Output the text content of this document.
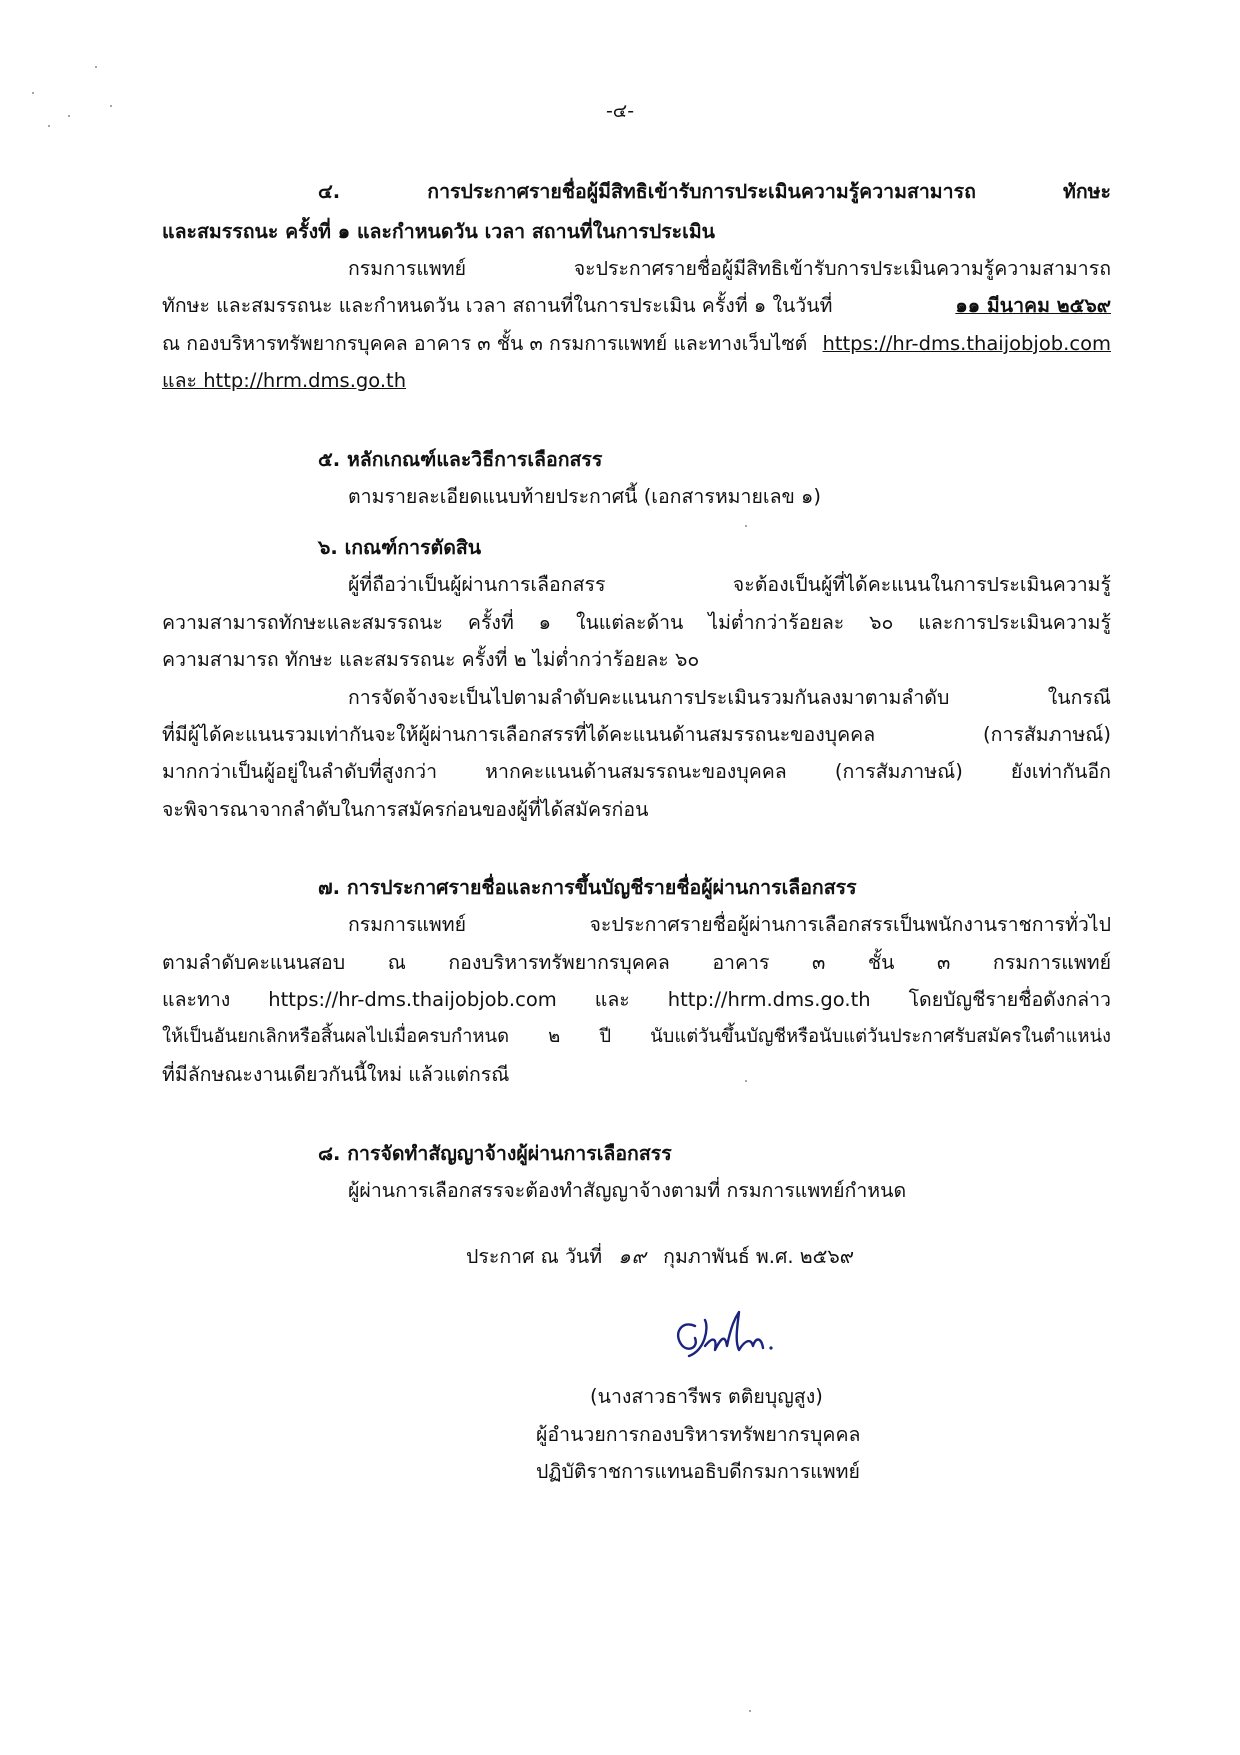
-๔-
๔. การประกาศรายชื่อผู้มีสิทธิเข้ารับการประเมินความรู้ความสามารถ ทักษะ
และสมรรถนะ ครั้งที่ ๑ และกำหนดวัน เวลา สถานที่ในการประเมิน
กรมการแพทย์ จะประกาศรายชื่อผู้มีสิทธิเข้ารับการประเมินความรู้ความสามารถ
ทักษะ และสมรรถนะ และกำหนดวัน เวลา สถานที่ในการประเมิน ครั้งที่ ๑ ในวันที่	๑๑ มีนาคม ๒๕๖๙
ณ กองบริหารทรัพยากรบุคคล อาคาร ๓ ชั้น ๓ กรมการแพทย์ และทางเว็บไซต์ https://hr-dms.thaijobjob.com
และ http://hrm.dms.go.th
๕. หลักเกณฑ์และวิธีการเลือกสรร
ตามรายละเอียดแนบท้ายประกาศนี้ (เอกสารหมายเลข ๑)
๖. เกณฑ์การตัดสิน
ผู้ที่ถือว่าเป็นผู้ผ่านการเลือกสรร จะต้องเป็นผู้ที่ได้คะแนนในการประเมินความรู้
ความสามารถทักษะและสมรรถนะ ครั้งที่ ๑ ในแต่ละด้าน ไม่ต่ำกว่าร้อยละ ๖๐ และการประเมินความรู้
ความสามารถ ทักษะ และสมรรถนะ ครั้งที่ ๒ ไม่ต่ำกว่าร้อยละ ๖๐
การจัดจ้างจะเป็นไปตามลำดับคะแนนการประเมินรวมกันลงมาตามลำดับ ในกรณี
ที่มีผู้ได้คะแนนรวมเท่ากันจะให้ผู้ผ่านการเลือกสรรที่ได้คะแนนด้านสมรรถนะของบุคคล (การสัมภาษณ์)
มากกว่าเป็นผู้อยู่ในลำดับที่สูงกว่า หากคะแนนด้านสมรรถนะของบุคคล (การสัมภาษณ์) ยังเท่ากันอีก
จะพิจารณาจากลำดับในการสมัครก่อนของผู้ที่ได้สมัครก่อน
๗. การประกาศรายชื่อและการขึ้นบัญชีรายชื่อผู้ผ่านการเลือกสรร
กรมการแพทย์ จะประกาศรายชื่อผู้ผ่านการเลือกสรรเป็นพนักงานราชการทั่วไป
ตามลำดับคะแนนสอบ ณ กองบริหารทรัพยากรบุคคล อาคาร ๓ ชั้น ๓ กรมการแพทย์
และทาง https://hr-dms.thaijobjob.com และ http://hrm.dms.go.th โดยบัญชีรายชื่อดังกล่าว
ให้เป็นอันยกเลิกหรือสิ้นผลไปเมื่อครบกำหนด ๒ ปี นับแต่วันขึ้นบัญชีหรือนับแต่วันประกาศรับสมัครในตำแหน่ง
ที่มีลักษณะงานเดียวกันนี้ใหม่ แล้วแต่กรณี
๘. การจัดทำสัญญาจ้างผู้ผ่านการเลือกสรร
ผู้ผ่านการเลือกสรรจะต้องทำสัญญาจ้างตามที่ กรมการแพทย์กำหนด
ประกาศ ณ วันที่ ๑๙ กุมภาพันธ์ พ.ศ. ๒๕๖๙
(นางสาวธารีพร ตติยบุญสูง)
ผู้อำนวยการกองบริหารทรัพยากรบุคคล
ปฏิบัติราชการแทนอธิบดีกรมการแพทย์
